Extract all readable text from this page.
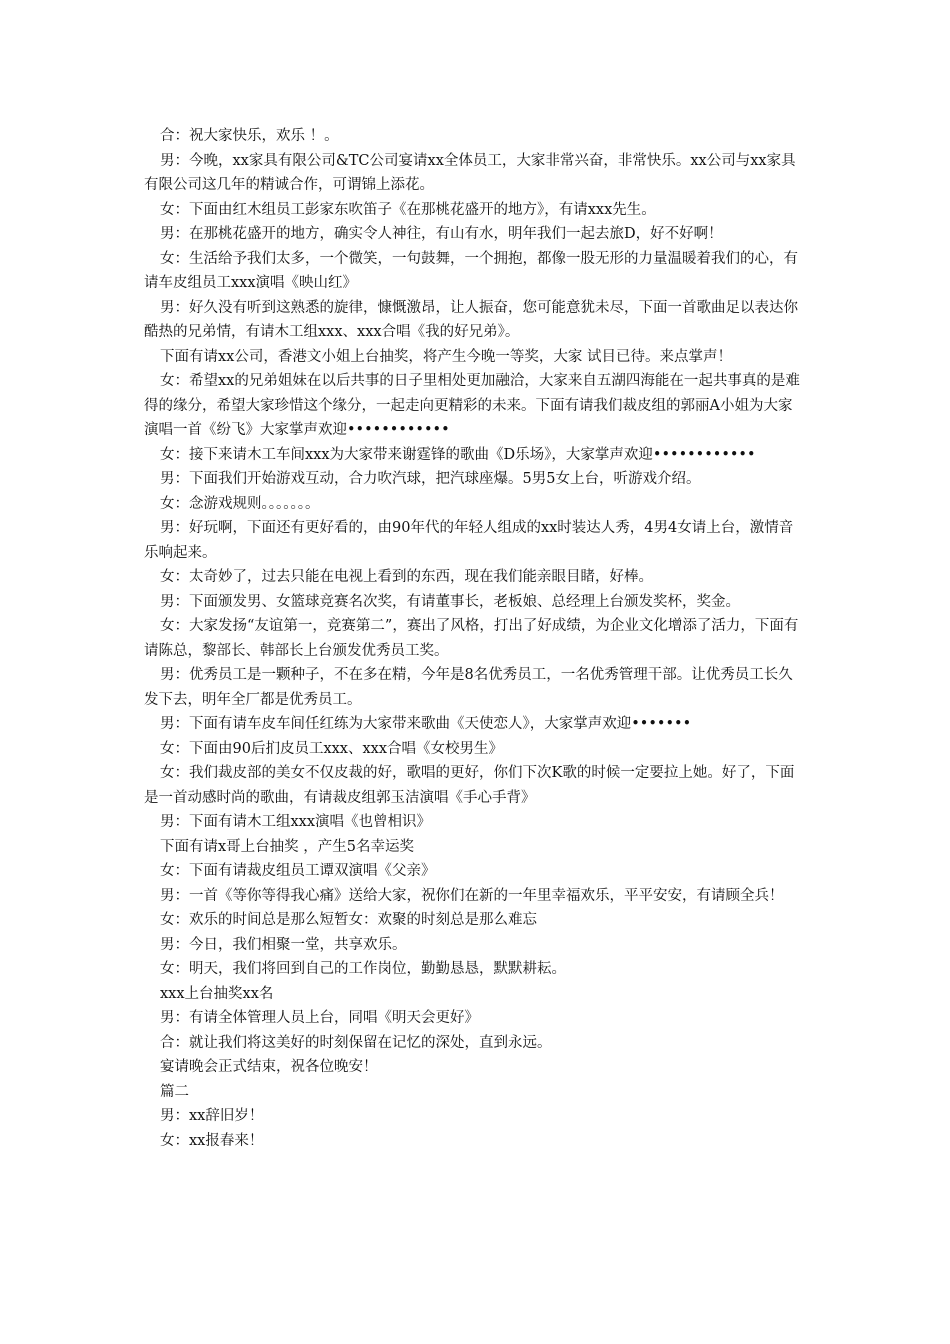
合：祝大家快乐，欢乐 ！。

男：今晚，xx家具有限公司&TC公司宴请xx全体员工，大家非常兴奋，非常快乐。xx公司与xx家具有限公司这几年的精诚合作，可谓锦上添花。

女：下面由红木组员工彭家东吹笛子《在那桃花盛开的地方》，有请xxx先生。

男：在那桃花盛开的地方，确实令人神往，有山有水，明年我们一起去旅D，好不好啊！

女：生活给予我们太多，一个微笑，一句鼓舞，一个拥抱，都像一股无形的力量温暖着我们的心，有请车皮组员工xxx演唱《映山红》

男：好久没有听到这熟悉的旋律，慷慨激昂，让人振奋，您可能意犹未尽，下面一首歌曲足以表达你酷热的兄弟情，有请木工组xxx、xxx合唱《我的好兄弟》。

下面有请xx公司，香港文小姐上台抽奖，将产生今晚一等奖，大家 试目已待。来点掌声！

女：希望xx的兄弟姐妹在以后共事的日子里相处更加融洽，大家来自五湖四海能在一起共事真的是难得的缘分，希望大家珍惜这个缘分，一起走向更精彩的未来。下面有请我们裁皮组的郭丽A小姐为大家演唱一首《纷飞》大家掌声欢迎••••••••••••

女：接下来请木工车间xxx为大家带来谢霆锋的歌曲《D乐场》，大家掌声欢迎••••••••••••

男：下面我们开始游戏互动，合力吹汽球，把汽球座爆。5男5女上台，听游戏介绍。

女：念游戏规则。。。。。。。

男：好玩啊，下面还有更好看的，由90年代的年轻人组成的xx时装达人秀，4男4女请上台，激情音乐响起来。

女：太奇妙了，过去只能在电视上看到的东西，现在我们能亲眼目睹，好棒。

男：下面颁发男、女篮球竞赛名次奖，有请董事长，老板娘、总经理上台颁发奖杯，奖金。

女：大家发扬“友谊第一，竞赛第二”，赛出了风格，打出了好成绩，为企业文化增添了活力，下面有请陈总，黎部长、韩部长上台颁发优秀员工奖。

男：优秀员工是一颗种子，不在多在精，今年是8名优秀员工，一名优秀管理干部。让优秀员工长久发下去，明年全厂都是优秀员工。

男：下面有请车皮车间任红练为大家带来歌曲《天使恋人》，大家掌声欢迎•••••••

女：下面由90后扪皮员工xxx、xxx合唱《女校男生》

女：我们裁皮部的美女不仅皮裁的好，歌唱的更好，你们下次K歌的时候一定要拉上她。好了，下面是一首动感时尚的歌曲，有请裁皮组郭玉洁演唱《手心手背》

男：下面有请木工组xxx演唱《也曾相识》

下面有请x哥上台抽奖 ，产生5名幸运奖

女：下面有请裁皮组员工谭双演唱《父亲》

男：一首《等你等得我心痛》送给大家，祝你们在新的一年里幸福欢乐，平平安安，有请顾全兵！

女：欢乐的时间总是那么短暂女：欢聚的时刻总是那么难忘

男：今日，我们相聚一堂，共享欢乐。

女：明天，我们将回到自己的工作岗位，勤勤恳恳，默默耕耘。

xxx上台抽奖xx名

男：有请全体管理人员上台，同唱《明天会更好》

合：就让我们将这美好的时刻保留在记忆的深处，直到永远。

宴请晚会正式结束，祝各位晚安！

篇二

男：xx辞旧岁！

女：xx报春来！
